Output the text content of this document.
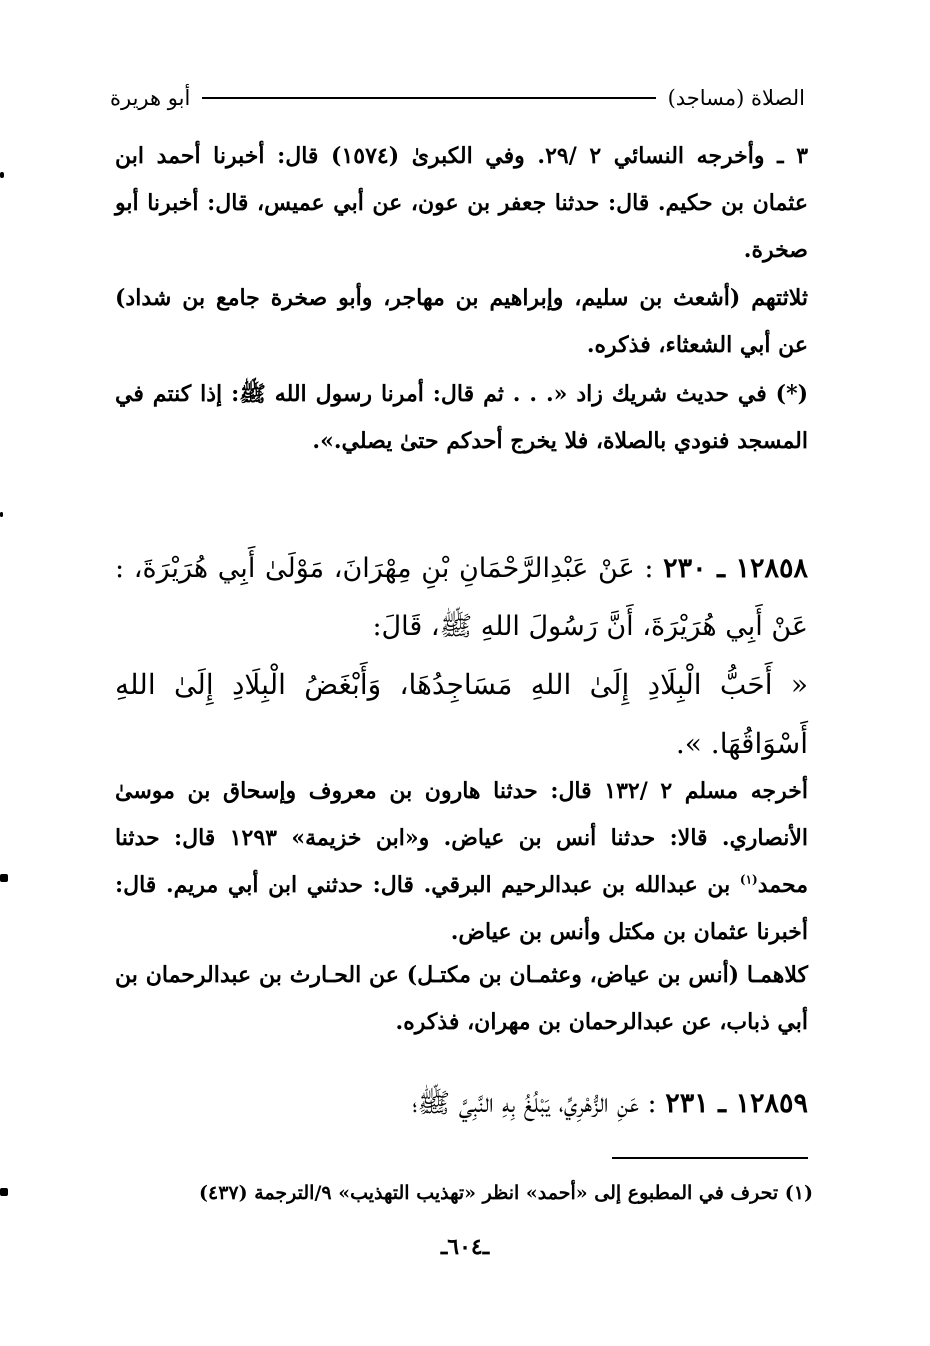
الصلاة (مساجد)
أبو هريرة
٣ ـ وأخرجه النسائي ٢ /٢٩. وفي الكبرىٰ (١٥٧٤) قال: أخبرنا أحمد ابن عثمان بن حكيم. قال: حدثنا جعفر بن عون، عن أبي عميس، قال: أخبرنا أبو صخرة.
ثلاثتهم (أشعث بن سليم، وإبراهيم بن مهاجر، وأبو صخرة جامع بن شداد) عن أبي الشعثاء، فذكره.
(*) في حديث شريك زاد «. . . ثم قال: أمرنا رسول الله ﷺ: إذا كنتم في المسجد فنودي بالصلاة، فلا يخرج أحدكم حتىٰ يصلي.».
١٢٨٥٨ ـ ٢٣٠ : عَنْ عَبْدِالرَّحْمَانِ بْنِ مِهْرَانَ، مَوْلَىٰ أَبِي هُرَيْرَةَ، : عَنْ أَبِي هُرَيْرَةَ، أَنَّ رَسُولَ اللهِ ﷺ، قَالَ:
« أَحَبُّ الْبِلَادِ إِلَىٰ اللهِ مَسَاجِدُهَا، وَأَبْغَضُ الْبِلَادِ إِلَىٰ اللهِ أَسْوَاقُهَا. ».
أخرجه مسلم ٢ /١٣٢ قال: حدثنا هارون بن معروف وإسحاق بن موسىٰ الأنصاري. قالا: حدثنا أنس بن عياض. و«ابن خزيمة» ١٢٩٣ قال: حدثنا محمد$^{(١)}$ بن عبدالله بن عبدالرحيم البرقي. قال: حدثني ابن أبي مريم. قال: أخبرنا عثمان بن مكتل وأنس بن عياض.
كلاهمـا (أنس بن عياض، وعثمـان بن مكتـل) عن الحـارث بن عبدالرحمان بن أبي ذباب، عن عبدالرحمان بن مهران، فذكره.
١٢٨٥٩ ـ ٢٣١ : عَنِ الزُّهْرِيِّ، يَبْلُغُ بِهِ النَّبِيَّ ﷺ؛
(١) تحرف في المطبوع إلى «أحمد» انظر «تهذيب التهذيب» ٩/الترجمة (٤٣٧)
ـ٦٠٤ـ
